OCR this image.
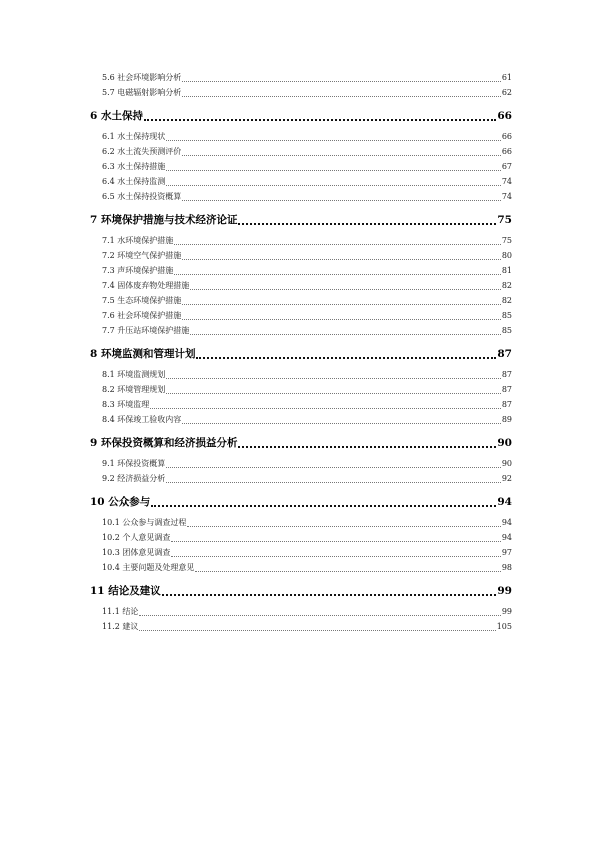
5.6 社会环境影响分析	61
5.7 电磁辐射影响分析	62
6 水土保持	66
6.1 水土保持现状	66
6.2 水土流失预测评价	66
6.3 水土保持措施	67
6.4 水土保持监测	74
6.5 水土保持投资概算	74
7 环境保护措施与技术经济论证	75
7.1 水环境保护措施	75
7.2 环境空气保护措施	80
7.3 声环境保护措施	81
7.4 固体废弃物处理措施	82
7.5 生态环境保护措施	82
7.6 社会环境保护措施	85
7.7 升压站环境保护措施	85
8 环境监测和管理计划	87
8.1 环境监测规划	87
8.2 环境管理规划	87
8.3 环境监理	87
8.4 环保竣工验收内容	89
9 环保投资概算和经济损益分析	90
9.1 环保投资概算	90
9.2 经济损益分析	92
10 公众参与	94
10.1 公众参与调查过程	94
10.2 个人意见调查	94
10.3 团体意见调查	97
10.4 主要问题及处理意见	98
11 结论及建议	99
11.1 结论	99
11.2 建议	105
